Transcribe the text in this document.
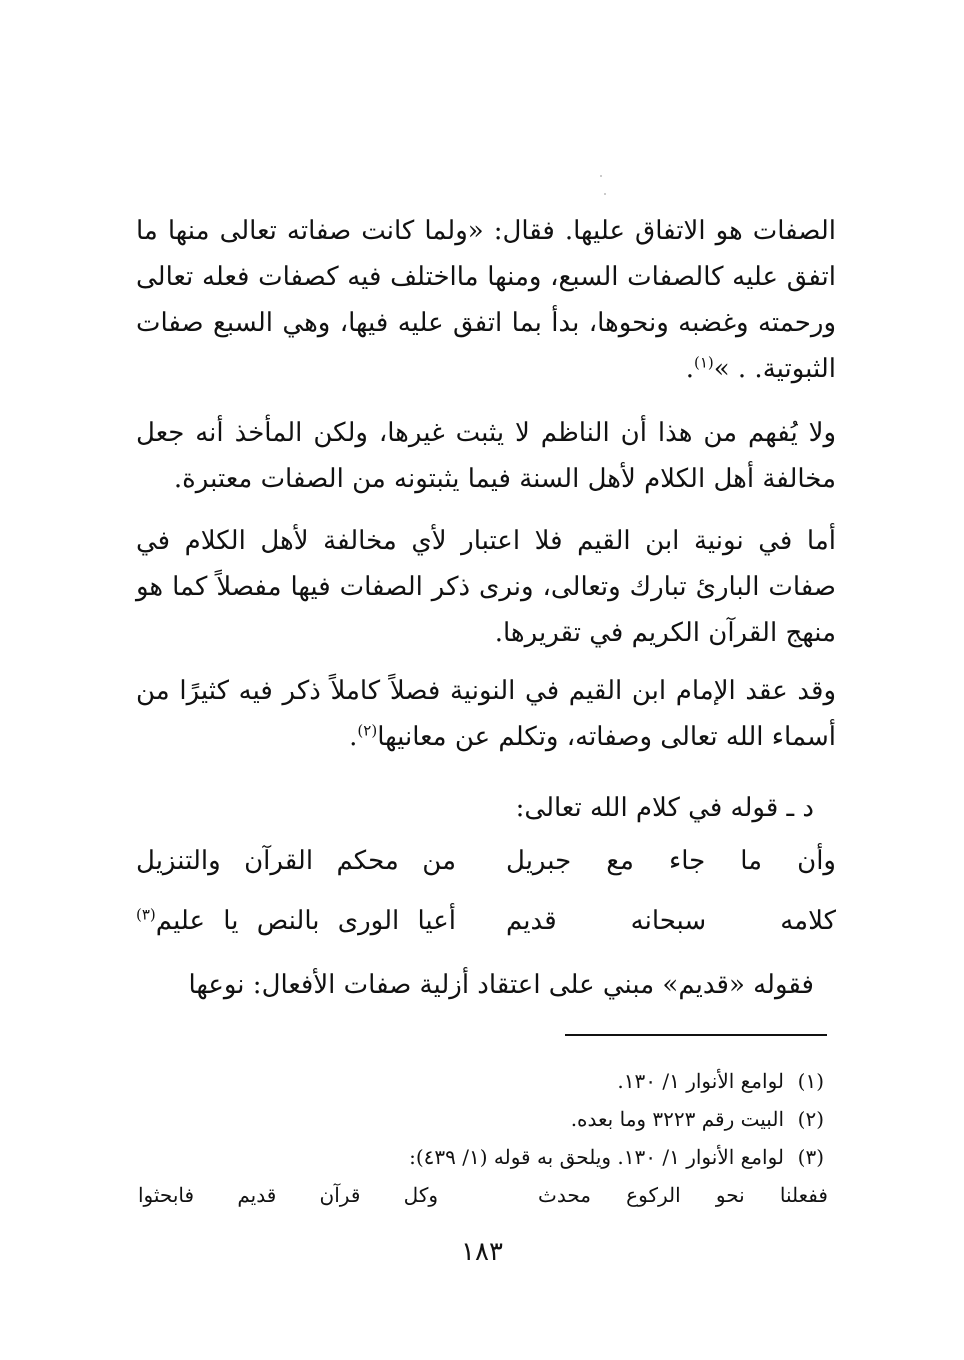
الصفات هو الاتفاق عليها. فقال: «ولما كانت صفاته تعالى منها ما اتفق عليه كالصفات السبع، ومنها مااختلف فيه كصفات فعله تعالى ورحمته وغضبه ونحوها، بدأ بما اتفق عليه فيها، وهي السبع صفات الثبوتية. . »$^{(١)}$.

ولا يُفهم من هذا أن الناظم لا يثبت غيرها، ولكن المأخذ أنه جعل مخالفة أهل الكلام لأهل السنة فيما يثبتونه من الصفات معتبرة.

أما في نونية ابن القيم فلا اعتبار لأي مخالفة لأهل الكلام في صفات البارئ تبارك وتعالى، ونرى ذكر الصفات فيها مفصلاً كما هو منهج القرآن الكريم في تقريرها.

وقد عقد الإمام ابن القيم في النونية فصلاً كاملاً ذكر فيه كثيرًا من أسماء الله تعالى وصفاته، وتكلم عن معانيها$^{(٢)}$.

د ـ قوله في كلام الله تعالى:
وأن ما جاء مع جبريل
من محكم القرآن والتنزيل
كلامه سبحانه قديم
أعيا الورى بالنص يا عليم$^{(٣)}$

فقوله «قديم» مبني على اعتقاد أزلية صفات الأفعال: نوعها

(١)لوامع الأنوار ١/ ١٣٠.
(٢)البيت رقم ٣٢٢٣ وما بعده.
(٣)لوامع الأنوار ١/ ١٣٠. ويلحق به قوله (١/ ٤٣٩):
ففعلنا نحو الركوع محدث
وكل قرآن قديم فابحثوا
١٨٣
